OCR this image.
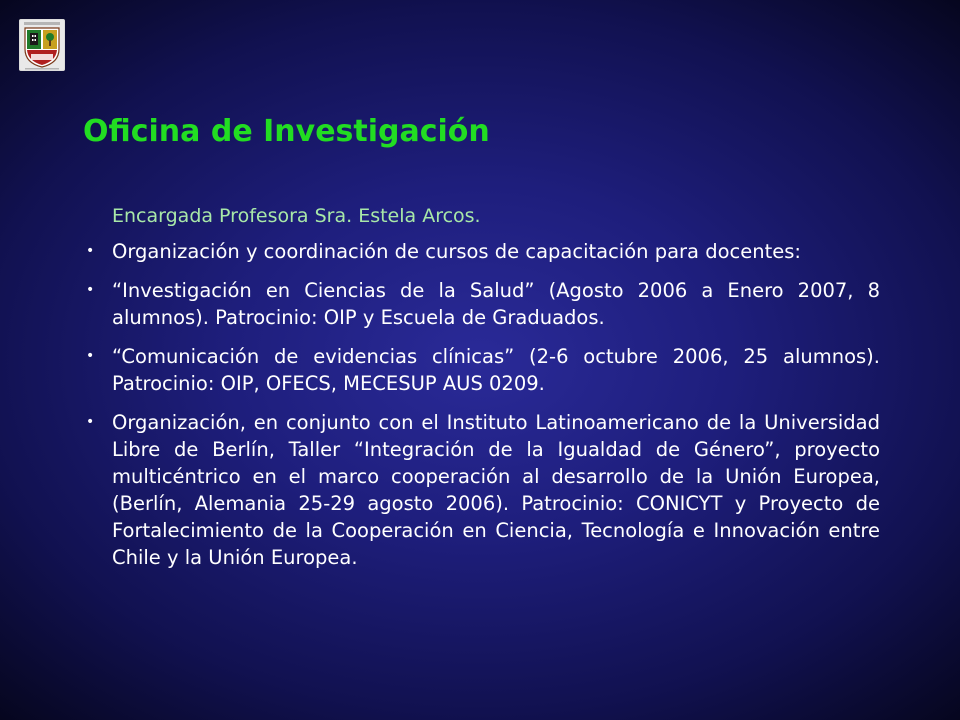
Oficina de Investigación

Encargada Profesora Sra. Estela Arcos.

• Organización y coordinación de cursos de capacitación para docentes:
• “Investigación en Ciencias de la Salud” (Agosto 2006 a Enero 2007, 8 alumnos). Patrocinio: OIP y Escuela de Graduados.
• “Comunicación de evidencias clínicas” (2-6 octubre 2006, 25 alumnos). Patrocinio: OIP, OFECS, MECESUP AUS 0209.
• Organización, en conjunto con el Instituto Latinoamericano de la Universidad Libre de Berlín, Taller “Integración de la Igualdad de Género”, proyecto multicéntrico en el marco cooperación al desarrollo de la Unión Europea, (Berlín, Alemania 25-29 agosto 2006). Patrocinio: CONICYT y Proyecto de Fortalecimiento de la Cooperación en Ciencia, Tecnología e Innovación entre Chile y la Unión Europea.
